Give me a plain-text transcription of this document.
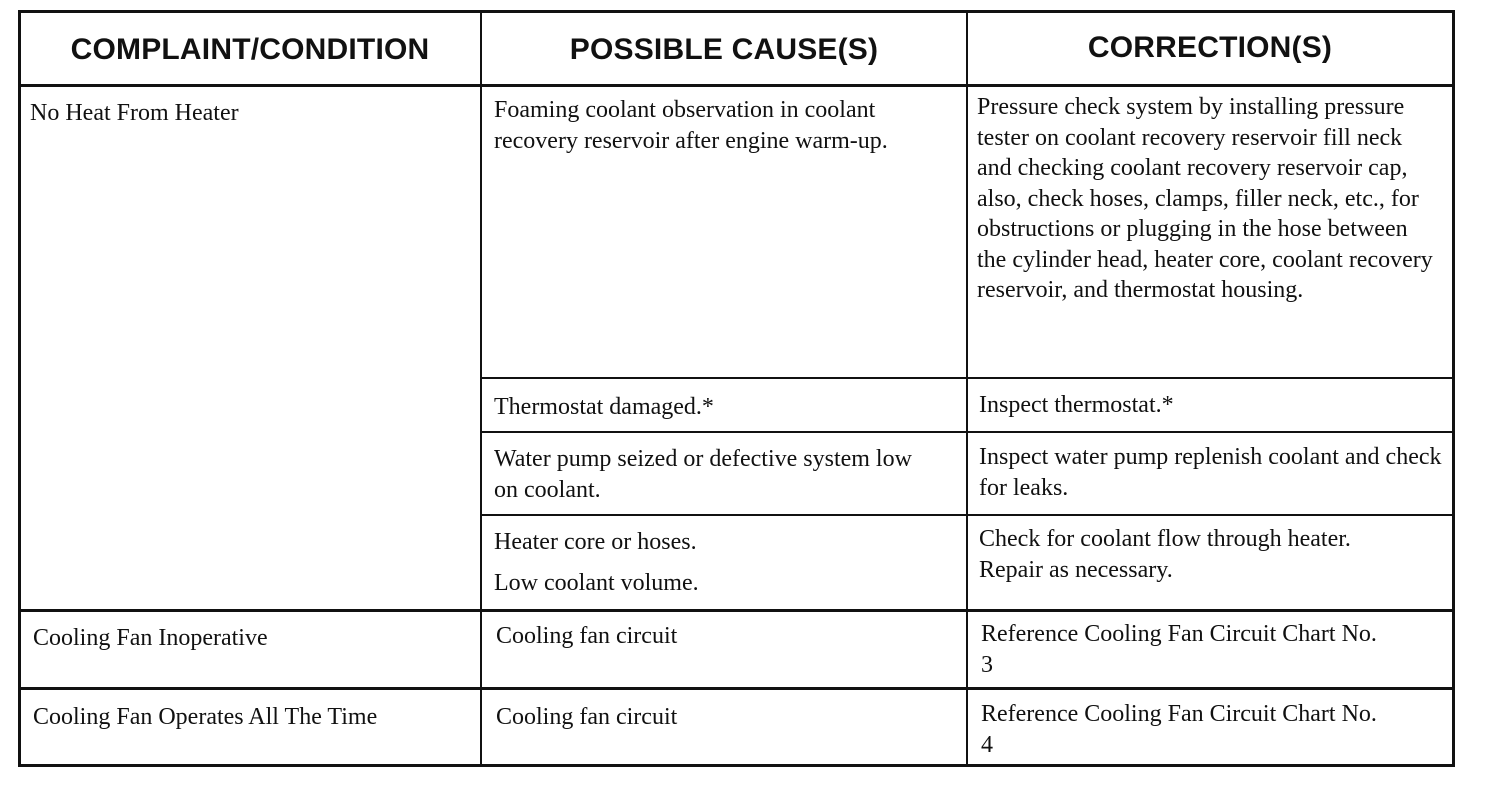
COMPLAINT/CONDITION	POSSIBLE CAUSE(S)	CORRECTION(S)
No Heat From Heater
Cooling Fan Inoperative
Cooling Fan Operates All The Time
Foaming coolant observation in coolant recovery reservoir after engine warm-up.
Thermostat damaged.*
Water pump seized or defective system low on coolant.
Heater core or hoses.
Low coolant volume.
Cooling fan circuit
Cooling fan circuit
Pressure check system by installing pressure tester on coolant recovery reservoir fill neck and checking coolant recovery reservoir cap, also, check hoses, clamps, filler neck, etc., for obstructions or plugging in the hose between the cylinder head, heater core, coolant recovery reservoir, and thermostat housing.
Inspect thermostat.*
Inspect water pump replenish coolant and check for leaks.
Check for coolant flow through heater. Repair as necessary.
Reference Cooling Fan Circuit Chart No. 3
Reference Cooling Fan Circuit Chart No. 4
